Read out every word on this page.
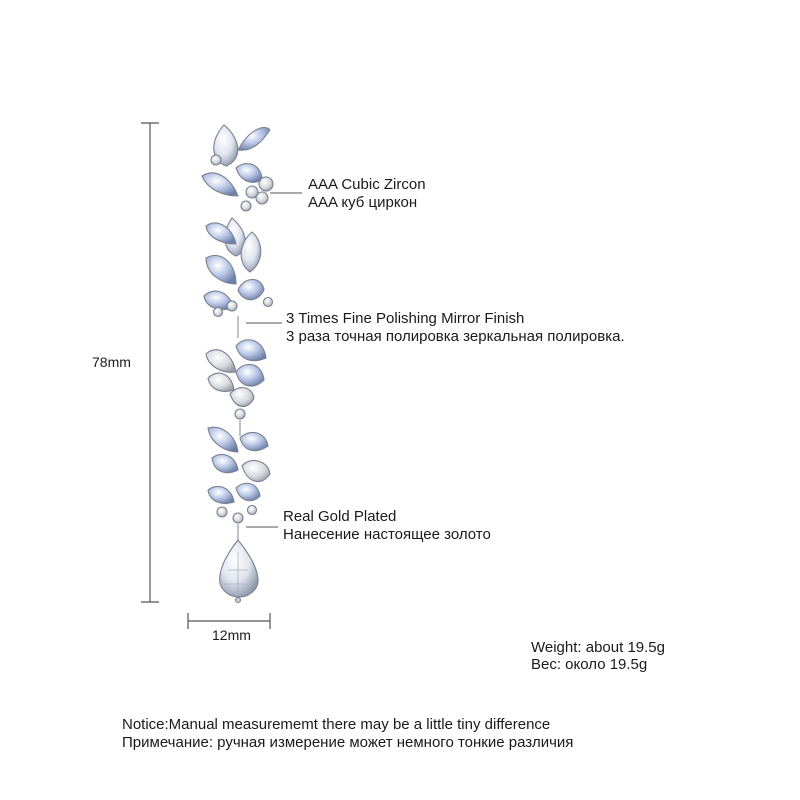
78mm
12mm
AAA Cubic Zircon
AAA куб циркон
3 Times Fine Polishing Mirror Finish
3 раза точная полировка зеркальная полировка.
Real Gold Plated
Нанесение настоящее золото
Weight: about 19.5g
Вес: около 19.5g
Notice:Manual measurememt there may be a little tiny difference
Примечание: ручная измерение может немного тонкие различия
